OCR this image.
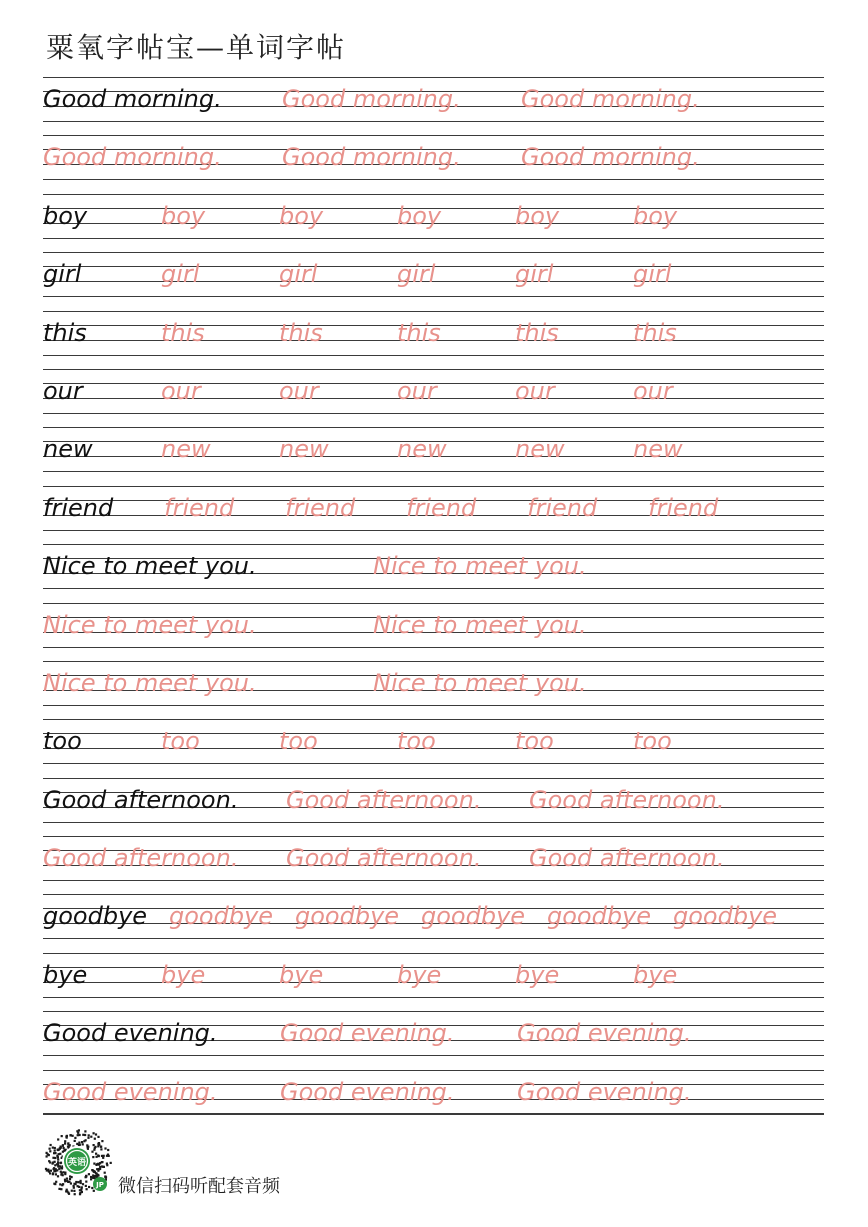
粟氧字帖宝—单词字帖
Good morning.	Good morning.	Good morning.
Good morning.	Good morning.	Good morning.
boy	boy	boy	boy	boy	boy
girl	girl	girl	girl	girl	girl
this	this	this	this	this	this
our	our	our	our	our	our
new	new	new	new	new	new
friend friend friend friend friend friend
Nice to meet you.	Nice to meet you.
Nice to meet you.	Nice to meet you.
Nice to meet you.	Nice to meet you.
too	too	too	too	too	too
Good afternoon. Good afternoon. Good afternoon.
Good afternoon. Good afternoon. Good afternoon.
goodbye goodbye goodbye goodbye goodbye goodbye
bye	bye	bye	bye	bye	bye
Good evening.	Good evening.	Good evening.
Good evening.	Good evening.	Good evening.
英语
JP 微信扫码听配套音频
